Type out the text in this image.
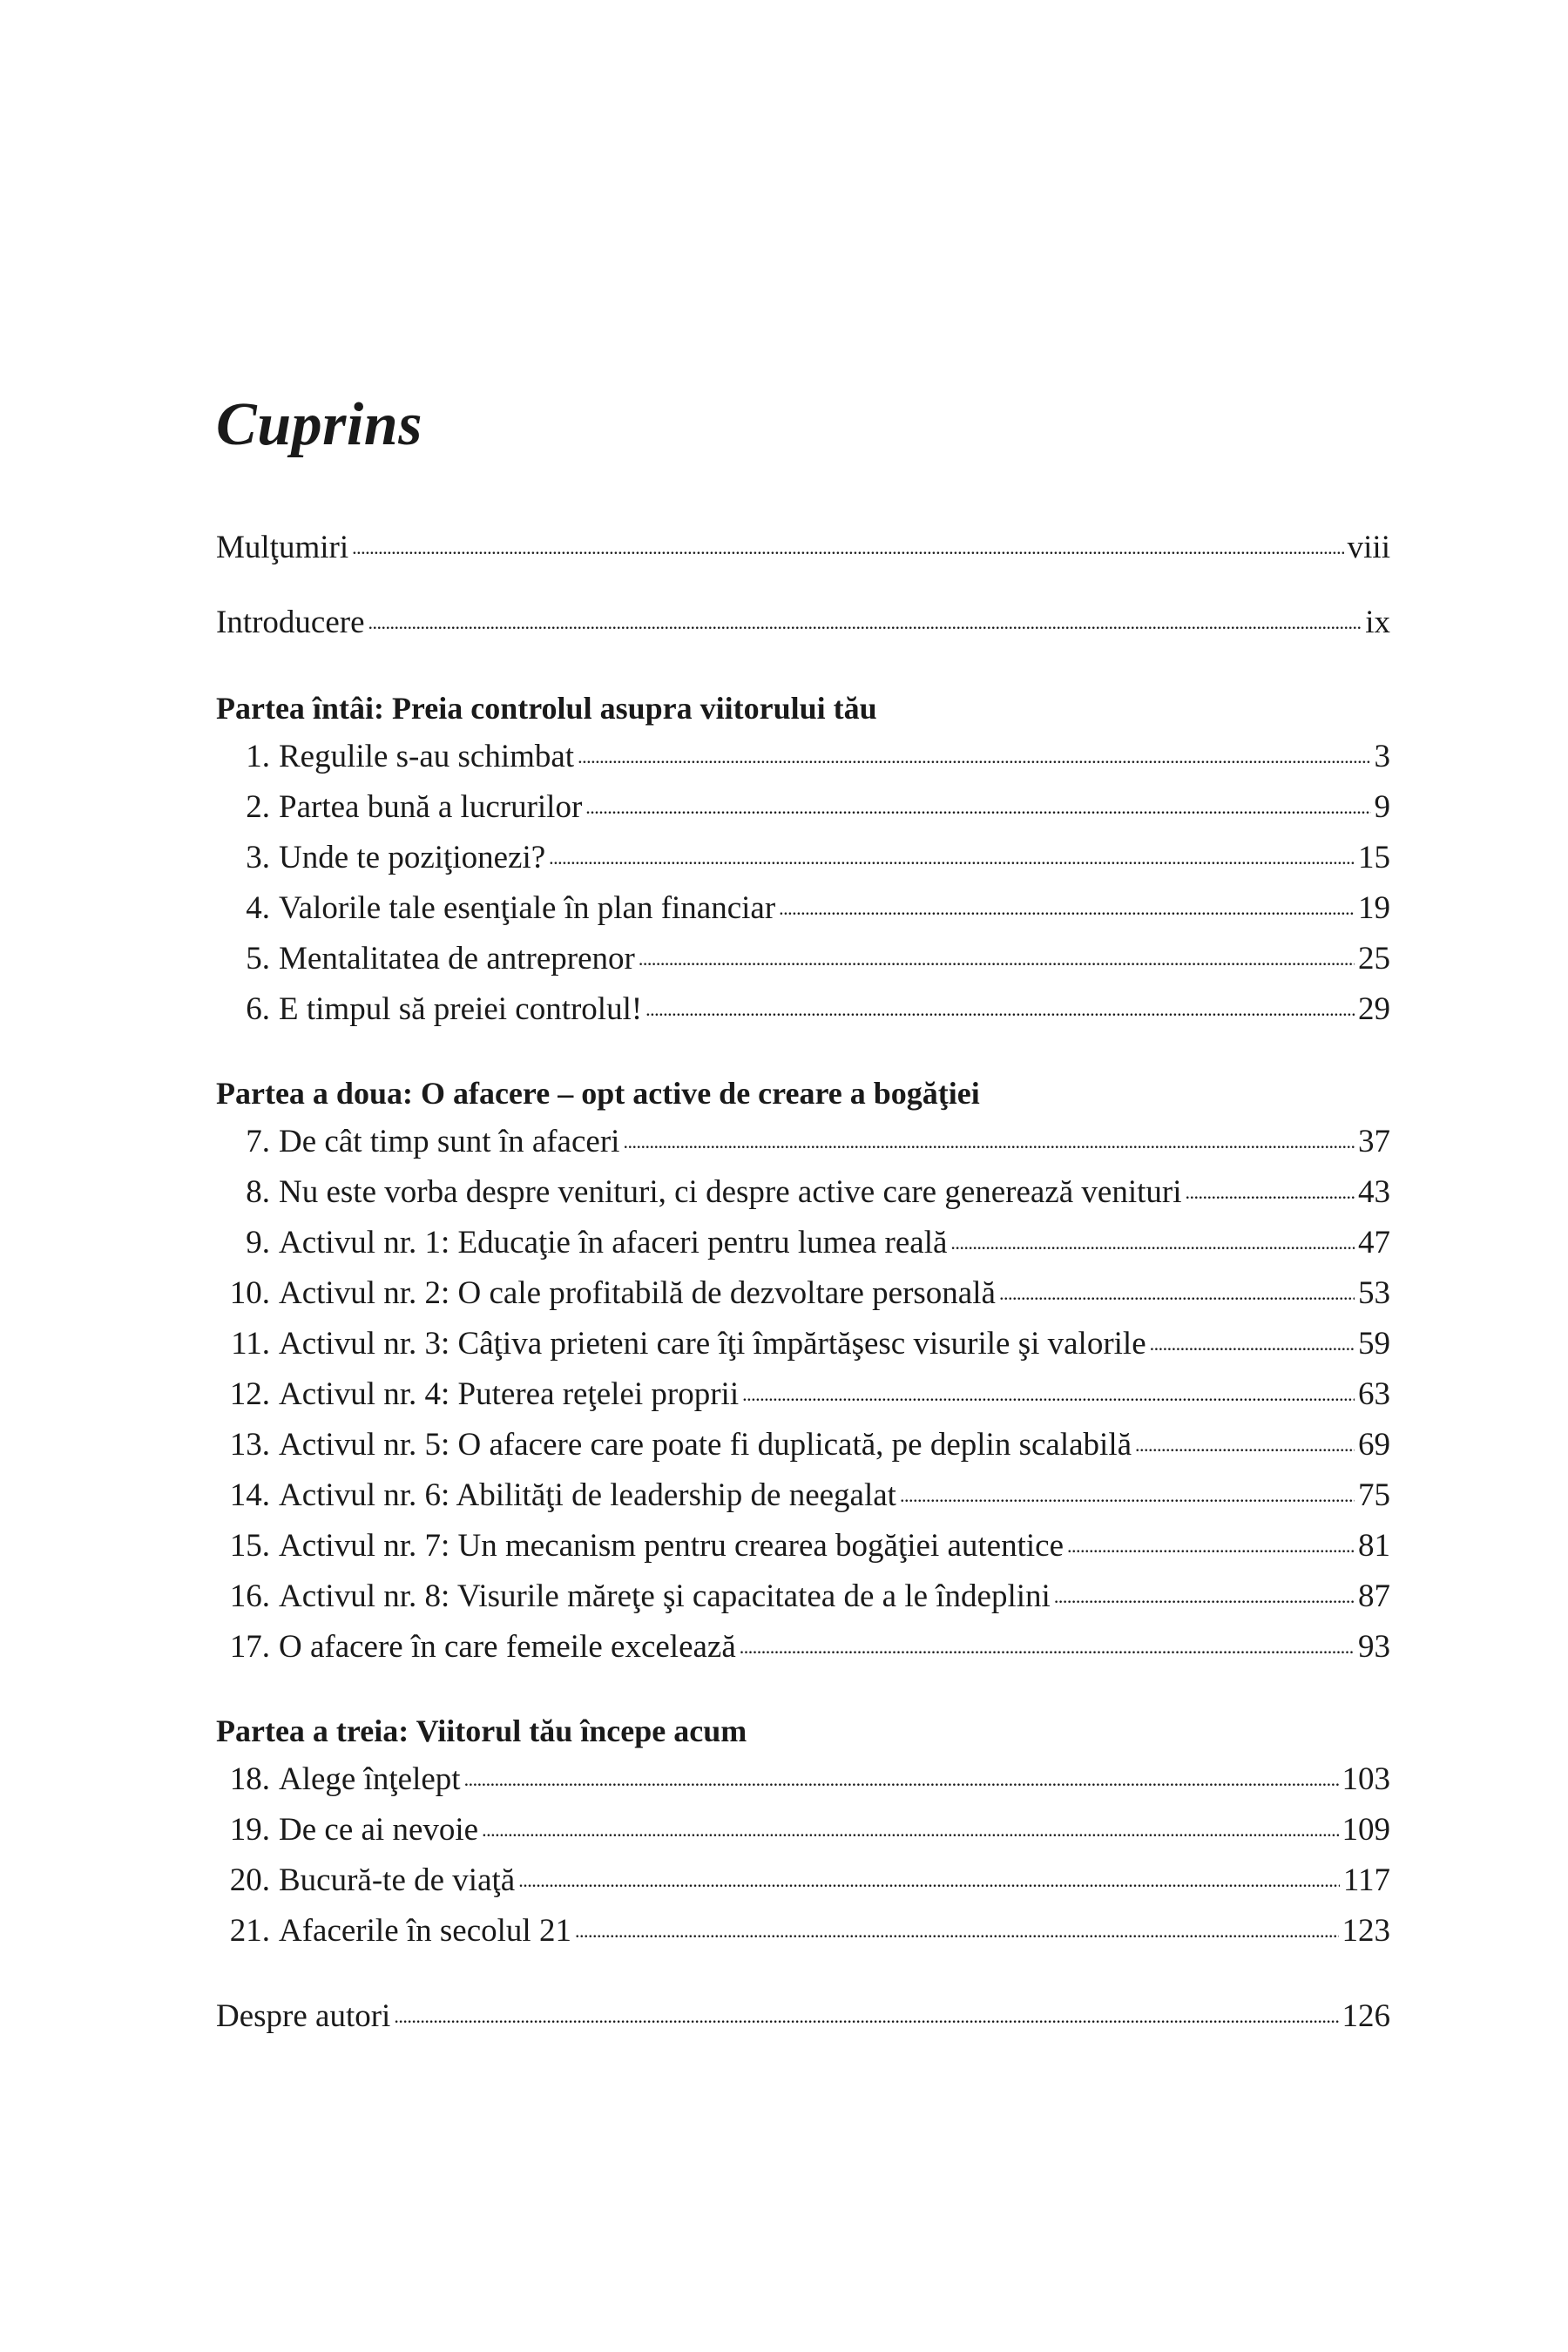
Cuprins
Mulţumiri . . .	viii
Introducere . . .	ix
Partea întâi: Preia controlul asupra viitorului tău
1. Regulile s-au schimbat . . .	3
2. Partea bună a lucrurilor . . .	9
3. Unde te poziţionezi? . . .	15
4. Valorile tale esenţiale în plan financiar . . .	19
5. Mentalitatea de antreprenor . . .	25
6. E timpul să preiei controlul! . . .	29
Partea a doua: O afacere – opt active de creare a bogăţiei
7. De cât timp sunt în afaceri . . .	37
8. Nu este vorba despre venituri, ci despre active care generează venituri . . .	43
9. Activul nr. 1: Educaţie în afaceri pentru lumea reală . . .	47
10. Activul nr. 2: O cale profitabilă de dezvoltare personală . . .	53
11. Activul nr. 3: Câţiva prieteni care îţi împărtăşesc visurile şi valorile . . .	59
12. Activul nr. 4: Puterea reţelei proprii . . .	63
13. Activul nr. 5: O afacere care poate fi duplicată, pe deplin scalabilă . . .	69
14. Activul nr. 6: Abilităţi de leadership de neegalat . . .	75
15. Activul nr. 7: Un mecanism pentru crearea bogăţiei autentice . . .	81
16. Activul nr. 8: Visurile măreţe şi capacitatea de a le îndeplini . . .	87
17. O afacere în care femeile excelează . . .	93
Partea a treia: Viitorul tău începe acum
18. Alege înţelept . . .	103
19. De ce ai nevoie . . .	109
20. Bucură-te de viaţă . . .	117
21. Afacerile în secolul 21 . . .	123
Despre autori . . .	126
